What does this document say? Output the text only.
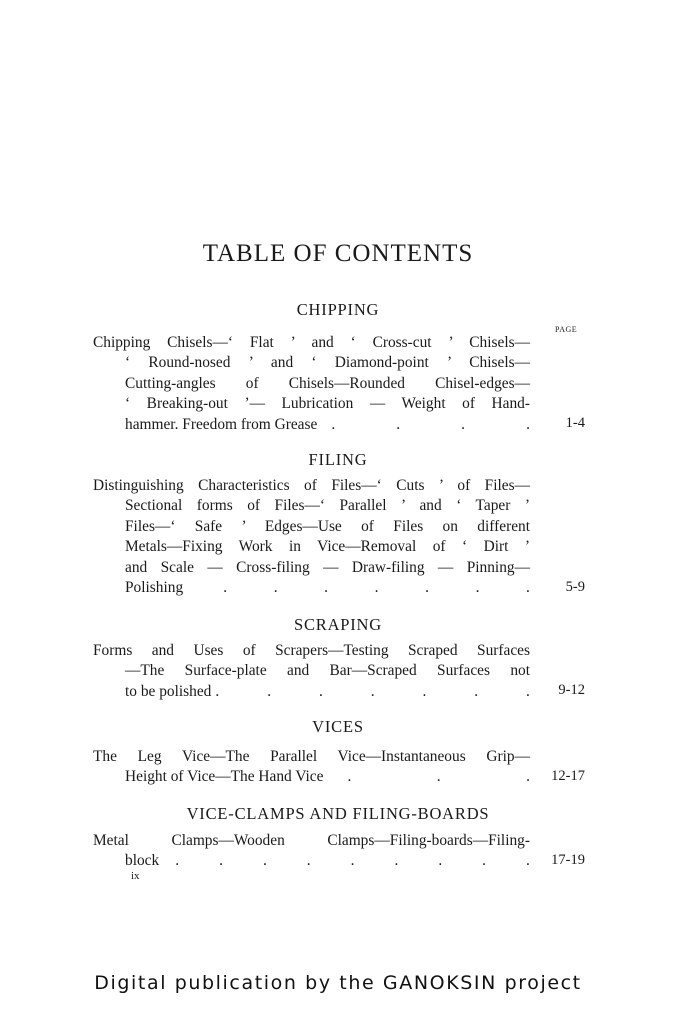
TABLE OF CONTENTS
CHIPPING
PAGE
Chipping Chisels—‘ Flat ’ and ‘ Cross-cut ’ Chisels—
‘ Round-nosed ’ and ‘ Diamond-point ’ Chisels—
Cutting-angles of Chisels—Rounded Chisel-edges—
‘ Breaking-out ’— Lubrication — Weight of Hand-
hammer. Freedom from Grease .	.	.	. 1-4
FILING
Distinguishing Characteristics of Files—‘ Cuts ’ of Files—
Sectional forms of Files—‘ Parallel ’ and ‘ Taper ’
Files—‘ Safe ’ Edges—Use of Files on different
Metals—Fixing Work in Vice—Removal of ‘ Dirt ’
and Scale — Cross-filing — Draw-filing — Pinning—
Polishing	.	.	.	.	.	.	. 5-9
SCRAPING
Forms and Uses of Scrapers—Testing Scraped Surfaces
—The Surface-plate and Bar—Scraped Surfaces not
to be polished .	.	.	.	.	.	. 9-12
VICES
The Leg Vice—The Parallel Vice—Instantaneous Grip—
Height of Vice—The Hand Vice .	.	. 12-17
VICE-CLAMPS AND FILING-BOARDS
Metal Clamps—Wooden Clamps—Filing-boards—Filing-
block .	.	.	.	.	.	.	.	. 17-19
ix
Digital publication by the GANOKSIN project
